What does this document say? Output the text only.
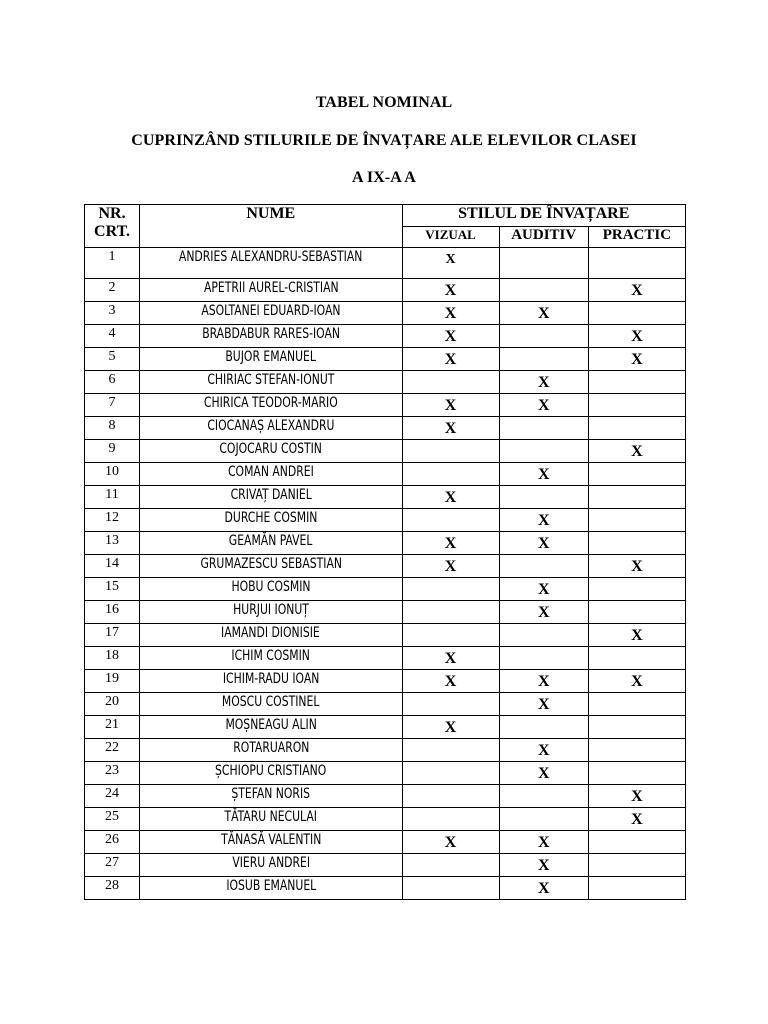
TABEL NOMINAL
CUPRINZÂND STILURILE DE ÎNVAȚARE ALE ELEVILOR CLASEI
A IX-A A
NR.
CRT.	NUME	STILUL DE ÎNVAȚARE		
		VIZUAL	AUDITIV	PRACTIC
1	ANDRIES ALEXANDRU-SEBASTIAN	X		
2	APETRII AUREL-CRISTIAN	X		X
3	ASOLTANEI EDUARD-IOAN	X	X	
4	BRABDABUR RARES-IOAN	X		X
5	BUJOR EMANUEL	X		X
6	CHIRIAC STEFAN-IONUT		X	
7	CHIRICA TEODOR-MARIO	X	X	
8	CIOCANAȘ ALEXANDRU	X		
9	COJOCARU COSTIN			X
10	COMAN ANDREI		X	
11	CRIVAȚ DANIEL	X		
12	DURCHE COSMIN		X	
13	GEAMĂN PAVEL	X	X	
14	GRUMAZESCU SEBASTIAN	X		X
15	HOBU COSMIN		X	
16	HURJUI IONUȚ		X	
17	IAMANDI DIONISIE			X
18	ICHIM COSMIN	X		
19	ICHIM-RADU IOAN	X	X	X
20	MOSCU COSTINEL		X	
21	MOȘNEAGU ALIN	X		
22	ROTARUARON		X	
23	ȘCHIOPU CRISTIANO		X	
24	ȘTEFAN NORIS			X
25	TĂTARU NECULAI			X
26	TĂNASĂ VALENTIN	X	X	
27	VIERU ANDREI		X	
28	IOSUB EMANUEL		X	
